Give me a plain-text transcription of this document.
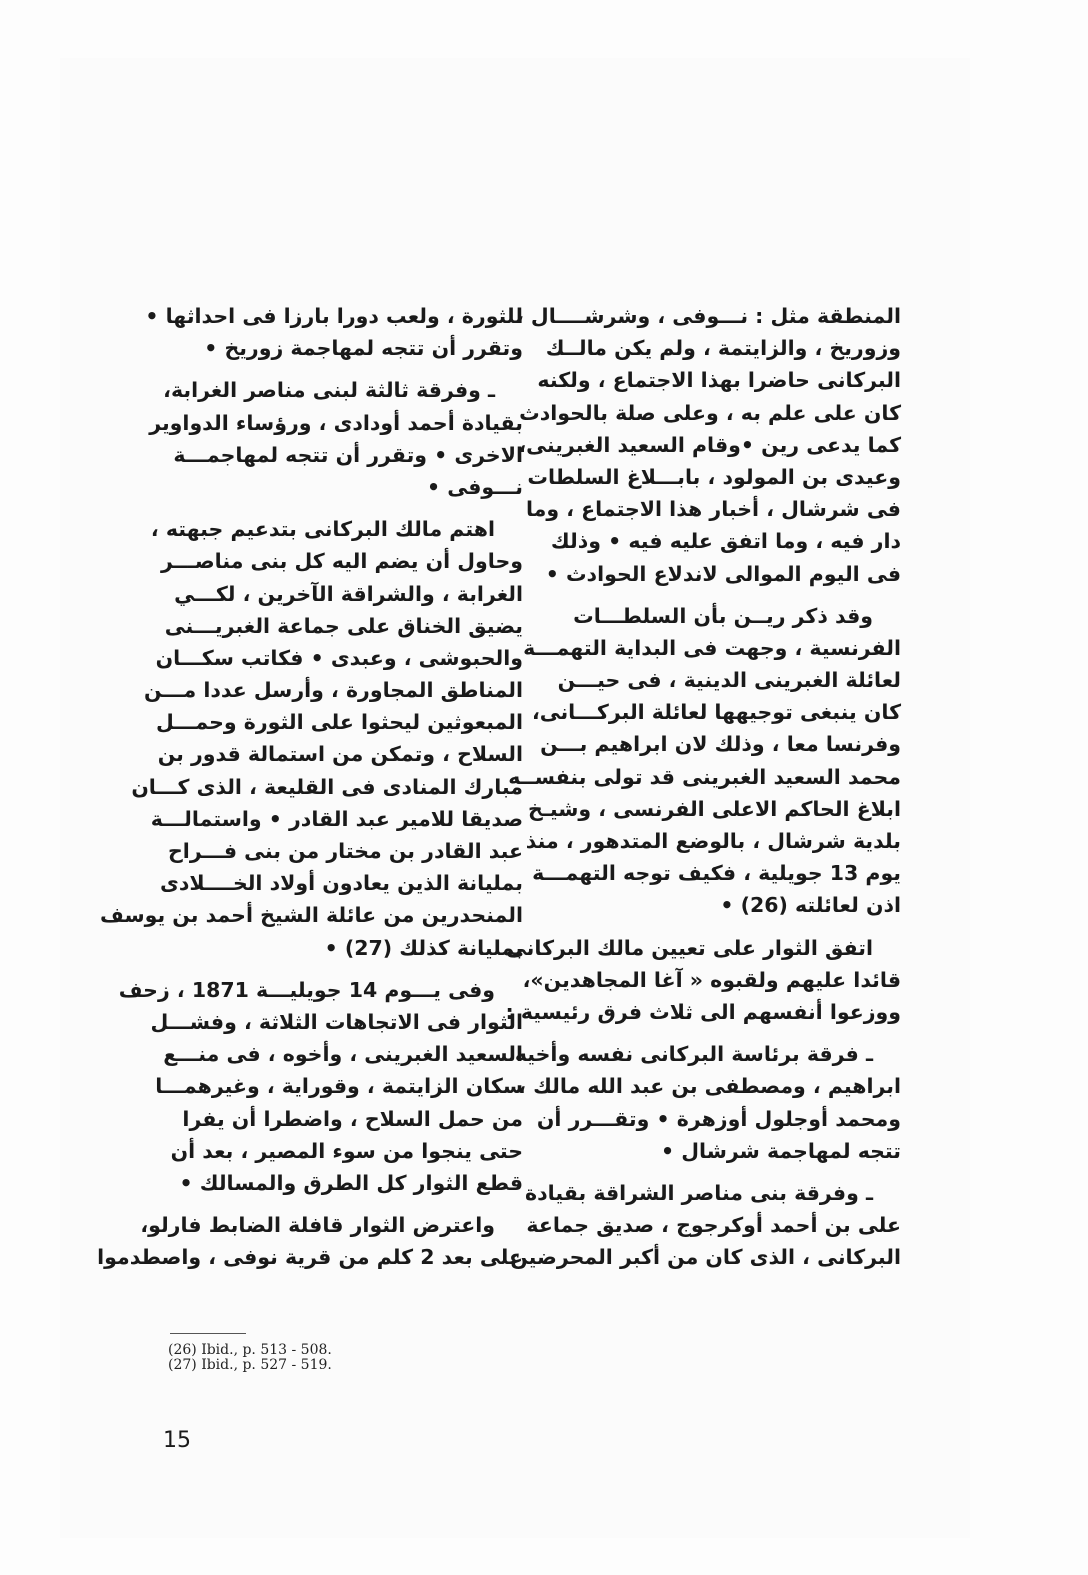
المنطقة مثل : نـــوفى ، وشرشــــال ،
وزوريخ ، والزايتمة ، ولم يكن مالــك
البركانى حاضرا بهذا الاجتماع ، ولكنه
كان على علم به ، وعلى صلة بالحوادث
كما يدعى رين •وقام السعيد الغبرينى،
وعيدى بن المولود ، بابـــلاغ السلطات
فى شرشال ، أخبار هذا الاجتماع ، وما
دار فيه ، وما اتفق عليه فيه • وذلك
فى اليوم الموالى لاندلاع الحوادث •
وقد ذكر ريــن بأن السلطـــات
الفرنسية ، وجهت فى البداية التهمـــة
لعائلة الغبرينى الدينية ، فى حيـــن
كان ينبغى توجيهها لعائلة البركـــانى،
وفرنسا معا ، وذلك لان ابراهيم بـــن
محمد السعيد الغبرينى قد تولى بنفســه
ابلاغ الحاكم الاعلى الفرنسى ، وشيـخ
بلدية شرشال ، بالوضع المتدهور ، منذ
يوم 13 جويلية ، فكيف توجه التهمـــة
اذن لعائلته (26) •
اتفق الثوار على تعيين مالك البركانى
قائدا عليهم ولقبوه « آغا المجاهدين»،
ووزعوا أنفسهم الى ثلاث فرق رئيسية :
ـ فرقة برئاسة البركانى نفسه وأخيه
ابراهيم ، ومصطفى بن عبد الله مالك ،
ومحمد أوجلول أوزهرة • وتقـــرر أن
تتجه لمهاجمة شرشال •
ـ وفرقة بنى مناصر الشراقة بقيادة
على بن أحمد أوكرجوج ، صديق جماعة
البركانى ، الذى كان من أكبر المحرضين
للثورة ، ولعب دورا بارزا فى احداثها •
وتقرر أن تتجه لمهاجمة زوريخ •
ـ وفرقة ثالثة لبنى مناصر الغرابة،
بقيادة أحمد أودادى ، ورؤساء الدواوير
الاخرى • وتقرر أن تتجه لمهاجمـــة
نـــوفى •
اهتم مالك البركانى بتدعيم جبهته ،
وحاول أن يضم اليه كل بنى مناصـــر
الغرابة ، والشراقة الآخرين ، لكـــي
يضيق الخناق على جماعة الغبريـــنى
والحبوشى ، وعبدى • فكاتب سكـــان
المناطق المجاورة ، وأرسل عددا مـــن
المبعوثين ليحثوا على الثورة وحمـــل
السلاح ، وتمكن من استمالة قدور بن
مبارك المنادى فى القليعة ، الذى كـــان
صديقا للامير عبد القادر • واستمالـــة
عبد القادر بن مختار من بنى فـــراح
بمليانة الذين يعادون أولاد الخــــلادى
المنحدرين من عائلة الشيخ أحمد بن يوسف
بمليانة كذلك (27) •
وفى يـــوم 14 جويليـــة 1871 ، زحف
الثوار فى الاتجاهات الثلاثة ، وفشـــل
السعيد الغبرينى ، وأخوه ، فى منـــع
سكان الزايتمة ، وقوراية ، وغيرهمـــا
من حمل السلاح ، واضطرا أن يفرا
حتى ينجوا من سوء المصير ، بعد أن
قطع الثوار كل الطرق والمسالك •
واعترض الثوار قافلة الضابط فارلو،
على بعد 2 كلم من قرية نوفى ، واصطدموا
(26) Ibid., p. 513 - 508.
(27) Ibid., p. 527 - 519.
15
